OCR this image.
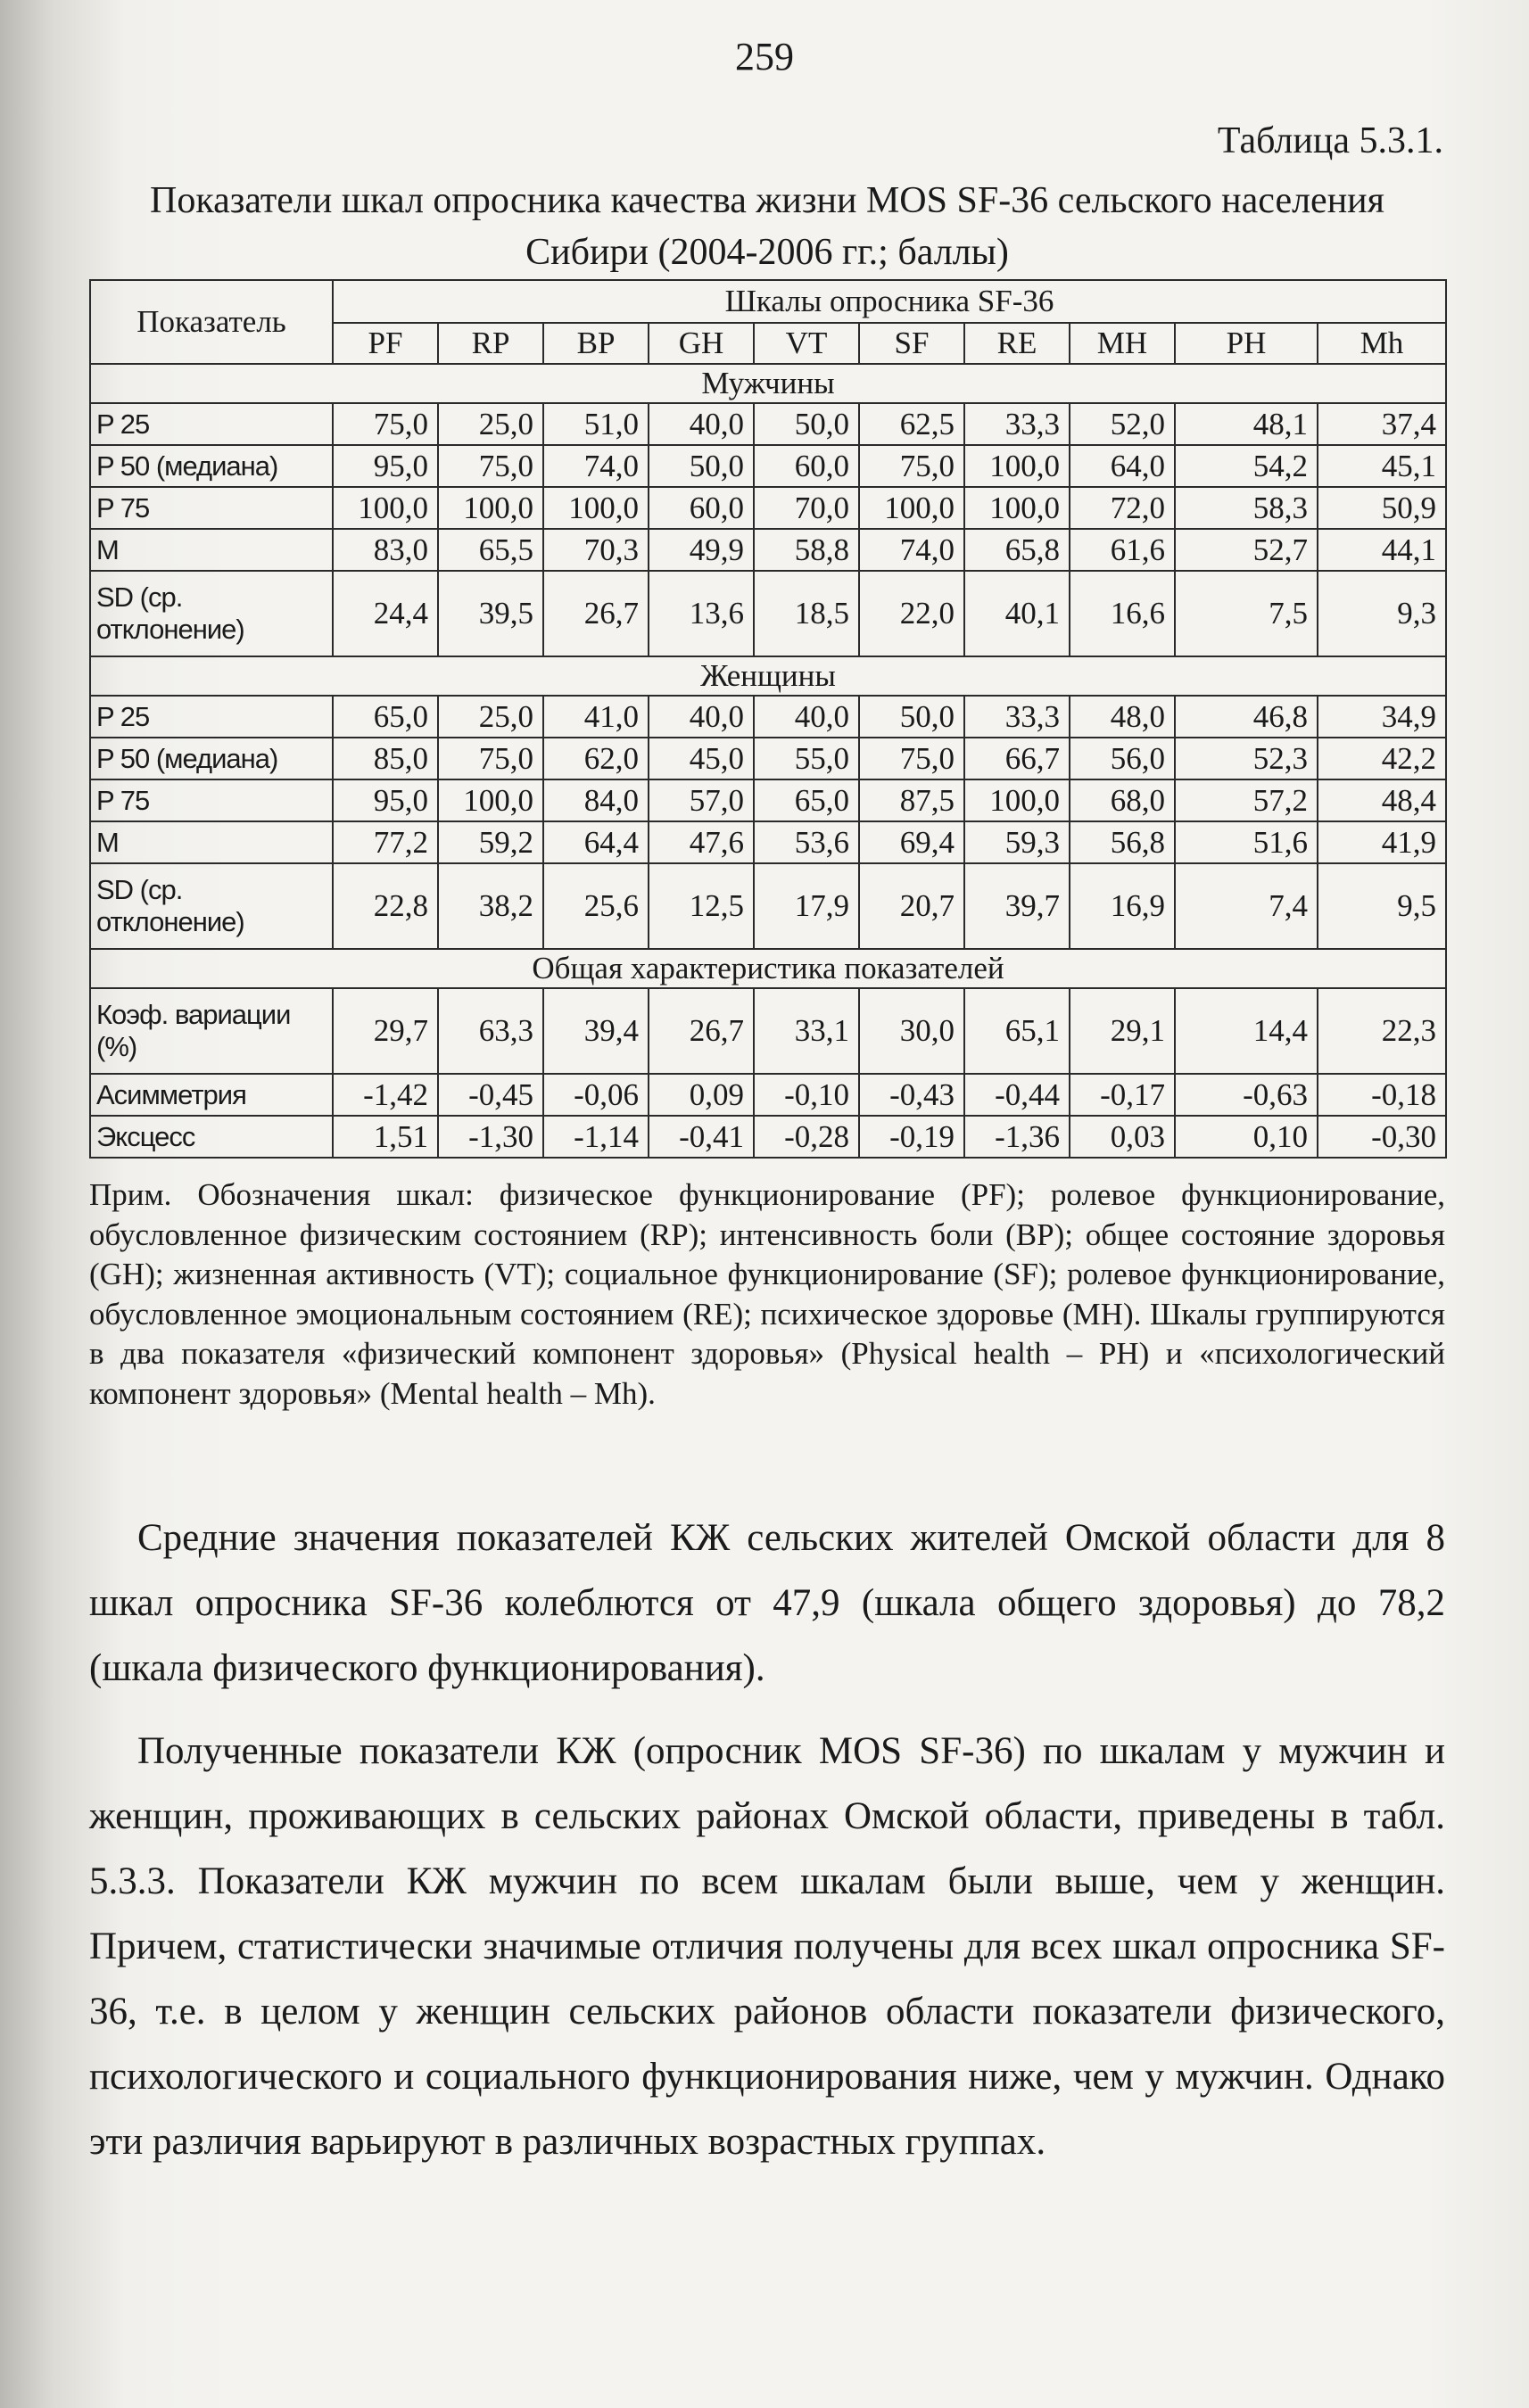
259
Таблица 5.3.1.
Показатели шкал опросника качества жизни MOS SF-36 сельского населения Сибири (2004-2006 гг.; баллы)
Показатель	Шкалы опросника SF-36									
	PF	RP	BP	GH	VT	SF	RE	MH	PH	Mh
Мужчины										
P 25	75,0	25,0	51,0	40,0	50,0	62,5	33,3	52,0	48,1	37,4
P 50 (медиана)	95,0	75,0	74,0	50,0	60,0	75,0	100,0	64,0	54,2	45,1
P 75	100,0	100,0	100,0	60,0	70,0	100,0	100,0	72,0	58,3	50,9
M	83,0	65,5	70,3	49,9	58,8	74,0	65,8	61,6	52,7	44,1
SD (ср. отклонение)	24,4	39,5	26,7	13,6	18,5	22,0	40,1	16,6	7,5	9,3
Женщины										
P 25	65,0	25,0	41,0	40,0	40,0	50,0	33,3	48,0	46,8	34,9
P 50 (медиана)	85,0	75,0	62,0	45,0	55,0	75,0	66,7	56,0	52,3	42,2
P 75	95,0	100,0	84,0	57,0	65,0	87,5	100,0	68,0	57,2	48,4
M	77,2	59,2	64,4	47,6	53,6	69,4	59,3	56,8	51,6	41,9
SD (ср. отклонение)	22,8	38,2	25,6	12,5	17,9	20,7	39,7	16,9	7,4	9,5
Общая характеристика показателей										
Коэф. вариации (%)	29,7	63,3	39,4	26,7	33,1	30,0	65,1	29,1	14,4	22,3
Асимметрия	-1,42	-0,45	-0,06	0,09	-0,10	-0,43	-0,44	-0,17	-0,63	-0,18
Эксцесс	1,51	-1,30	-1,14	-0,41	-0,28	-0,19	-1,36	0,03	0,10	-0,30
Прим. Обозначения шкал: физическое функционирование (PF); ролевое функционирование, обусловленное физическим состоянием (RP); интенсивность боли (BP); общее состояние здоровья (GH); жизненная активность (VT); социальное функционирование (SF); ролевое функционирование, обусловленное эмоциональным состоянием (RE); психическое здоровье (MH). Шкалы группируются в два показателя «физический компонент здоровья» (Physical health – PH) и «психологический компонент здоровья» (Mental health – Mh).

Средние значения показателей КЖ сельских жителей Омской области для 8 шкал опросника SF-36 колеблются от 47,9 (шкала общего здоровья) до 78,2 (шкала физического функционирования).

Полученные показатели КЖ (опросник MOS SF-36) по шкалам у мужчин и женщин, проживающих в сельских районах Омской области, приведены в табл. 5.3.3. Показатели КЖ мужчин по всем шкалам были выше, чем у женщин. Причем, статистически значимые отличия получены для всех шкал опросника SF-36, т.е. в целом у женщин сельских районов области показатели физического, психологического и социального функционирования ниже, чем у мужчин. Однако эти различия варьируют в различных возрастных группах.
